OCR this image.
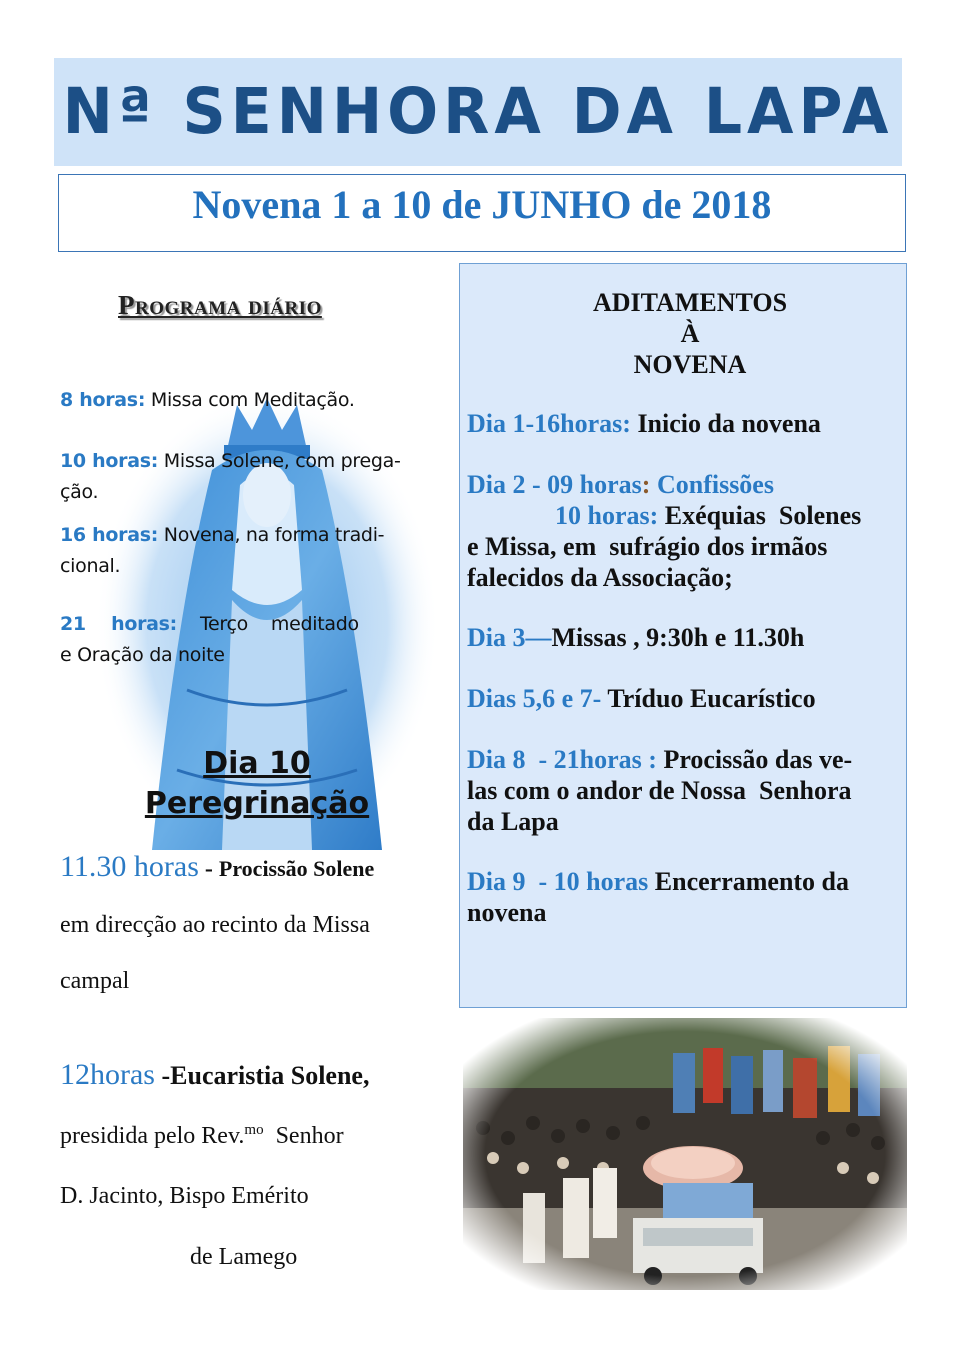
Nª SENHORA DA LAPA
Novena 1 a 10 de JUNHO de 2018
Programa diário
8 horas: Missa com Meditação.
10 horas: Missa Solene, com prega-
ção.
16 horas: Novena, na forma tradi-
cional.
21    horas:    Terço    meditado
e Oração da noite
Dia 10
Peregrinação
11.30 horas - Procissão Solene
em direcção ao recinto da Missa
campal
12horas -Eucaristia Solene,
presidida pelo Rev.$^{mo}$  Senhor
D. Jacinto, Bispo Emérito
de Lamego
ADITAMENTOS
À
NOVENA
Dia 1-16horas: Inicio da novena
Dia 2 - 09 horas: Confissões
10 horas: Exéquias  Solenes
e Missa, em  sufrágio dos irmãos
falecidos da Associação;
Dia 3—Missas , 9:30h e 11.30h
Dias 5,6 e 7- Tríduo Eucarístico
Dia 8  - 21horas : Procissão das ve-
las com o andor de Nossa  Senhora
da Lapa
Dia 9  - 10 horas Encerramento da
novena
